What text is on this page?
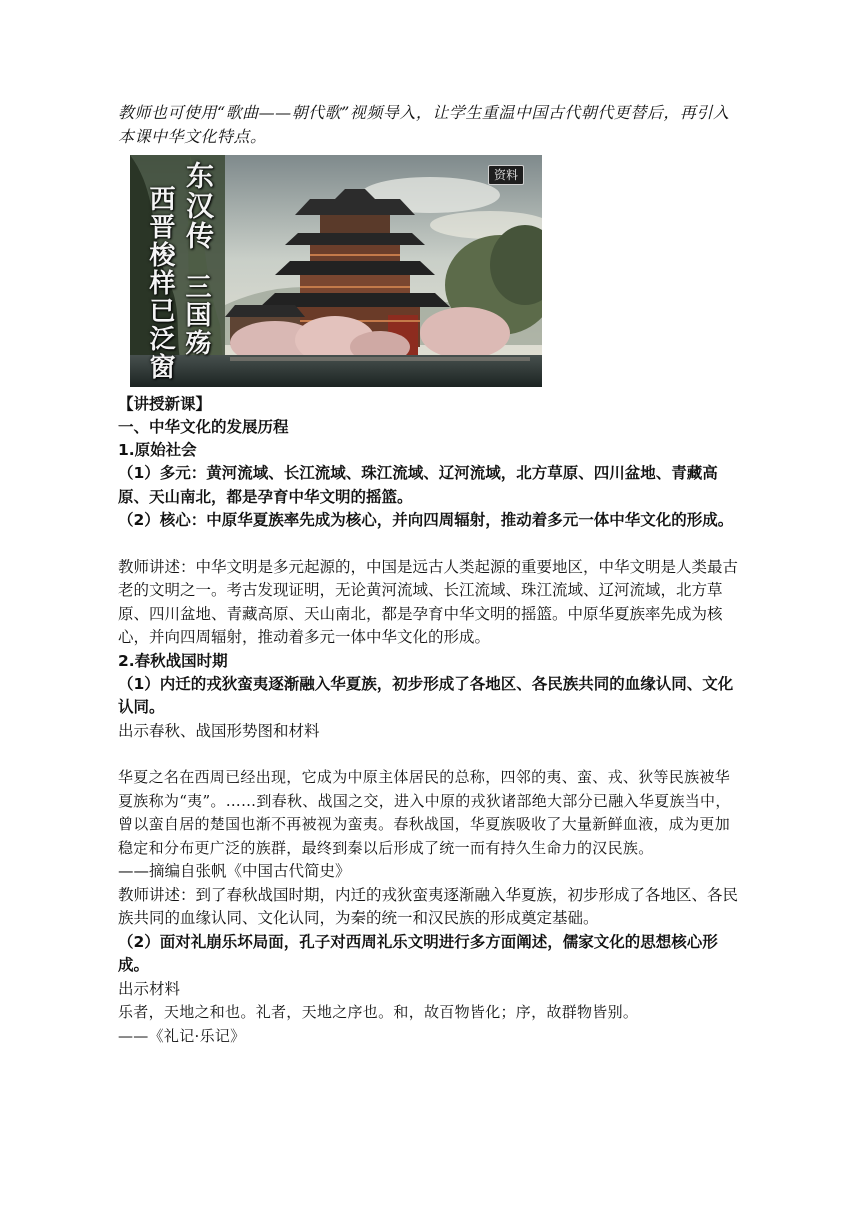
教师也可使用“歌曲——朝代歌”视频导入，让学生重温中国古代朝代更替后，再引入本课中华文化特点。

资料
东汉传
西晋梭样已泛窗 三国殇

【讲授新课】

一、中华文化的发展历程

1.原始社会

（1）多元：黄河流域、长江流域、珠江流域、辽河流域，北方草原、四川盆地、青藏高原、天山南北，都是孕育中华文明的摇篮。

（2）核心：中原华夏族率先成为核心，并向四周辐射，推动着多元一体中华文化的形成。

教师讲述：中华文明是多元起源的，中国是远古人类起源的重要地区，中华文明是人类最古老的文明之一。考古发现证明，无论黄河流域、长江流域、珠江流域、辽河流域，北方草原、四川盆地、青藏高原、天山南北，都是孕育中华文明的摇篮。中原华夏族率先成为核心，并向四周辐射，推动着多元一体中华文化的形成。

2.春秋战国时期

（1）内迁的戎狄蛮夷逐渐融入华夏族，初步形成了各地区、各民族共同的血缘认同、文化认同。

出示春秋、战国形势图和材料

华夏之名在西周已经出现，它成为中原主体居民的总称，四邻的夷、蛮、戎、狄等民族被华夏族称为“夷”。……到春秋、战国之交，进入中原的戎狄诸部绝大部分已融入华夏族当中，曾以蛮自居的楚国也渐不再被视为蛮夷。春秋战国，华夏族吸收了大量新鲜血液，成为更加稳定和分布更广泛的族群，最终到秦以后形成了统一而有持久生命力的汉民族。

——摘编自张帆《中国古代简史》

教师讲述：到了春秋战国时期，内迁的戎狄蛮夷逐渐融入华夏族，初步形成了各地区、各民族共同的血缘认同、文化认同，为秦的统一和汉民族的形成奠定基础。

（2）面对礼崩乐坏局面，孔子对西周礼乐文明进行多方面阐述，儒家文化的思想核心形成。

出示材料

乐者，天地之和也。礼者，天地之序也。和，故百物皆化；序，故群物皆别。

——《礼记·乐记》
